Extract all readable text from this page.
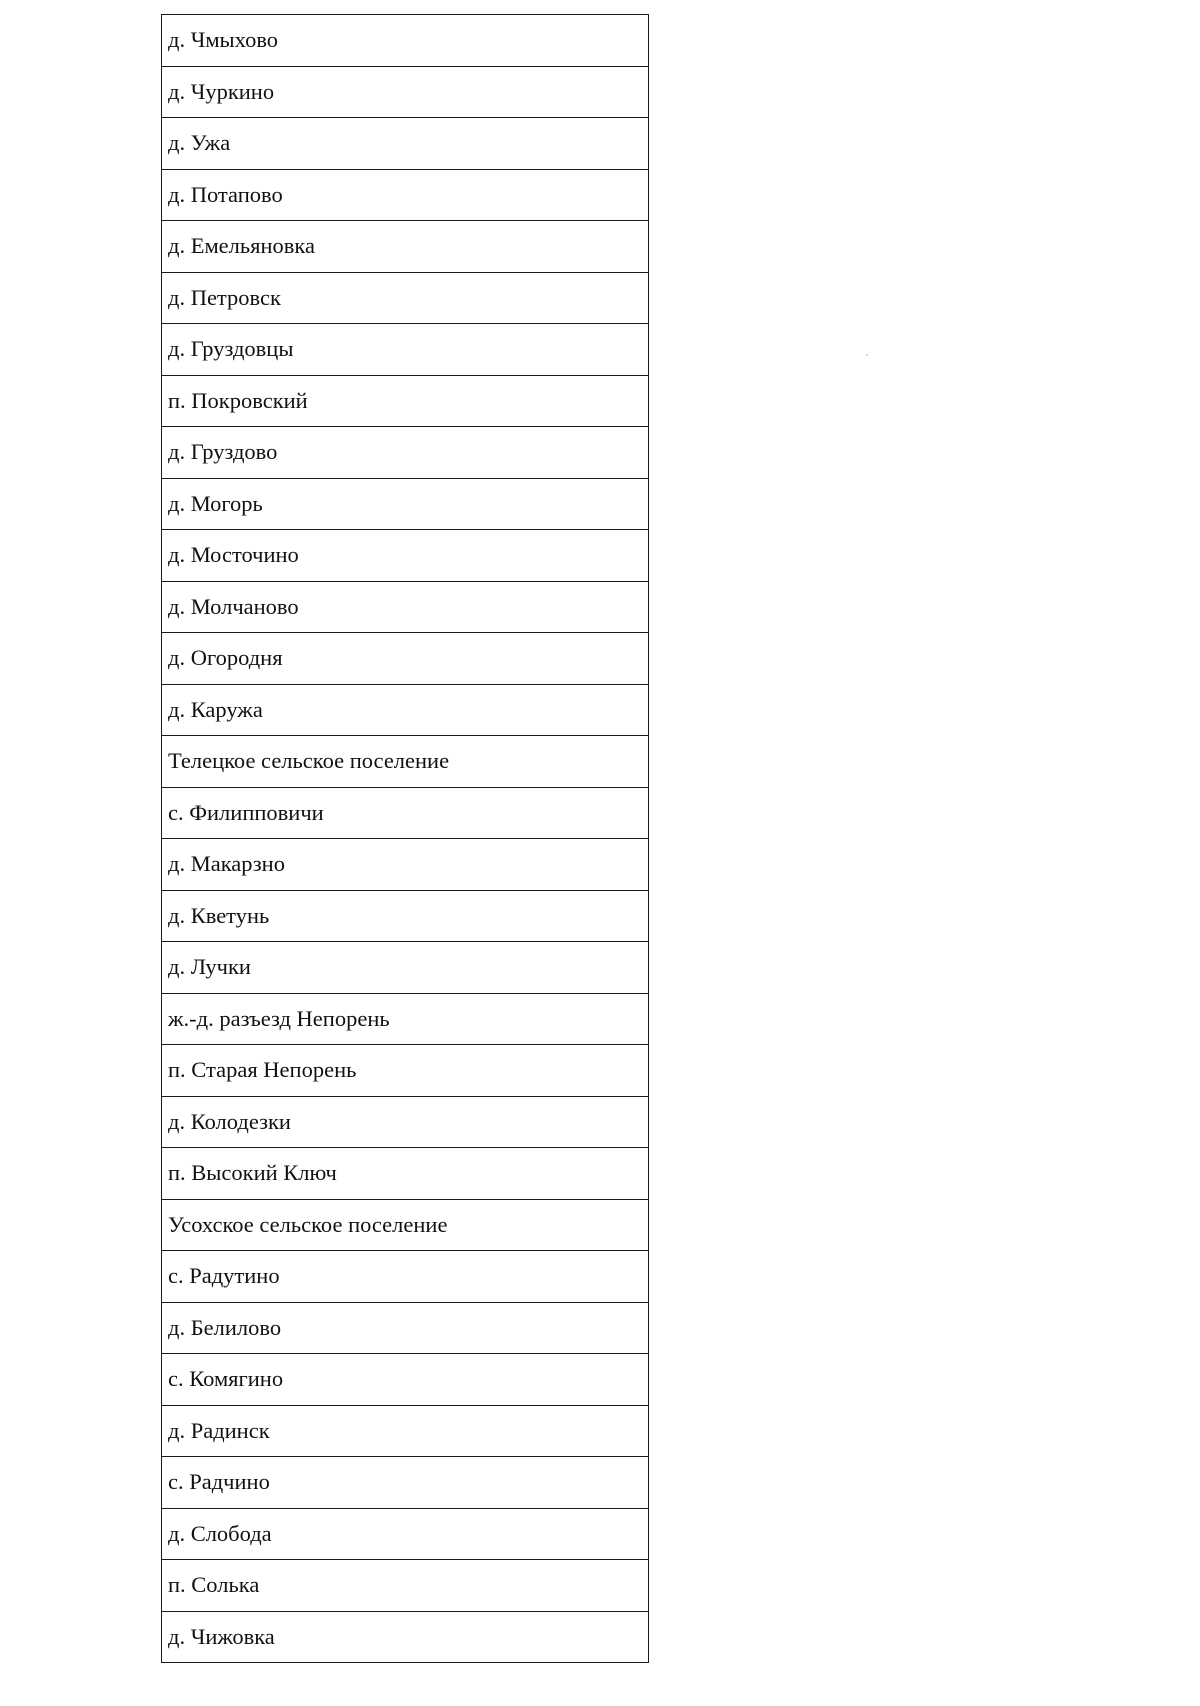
д. Чмыхово
д. Чуркино
д. Ужа
д. Потапово
д. Емельяновка
д. Петровск
д. Груздовцы
п. Покровский
д. Груздово
д. Могорь
д. Мосточино
д. Молчаново
д. Огородня
д. Каружа
Телецкое сельское поселение
с. Филипповичи
д. Макарзно
д. Кветунь
д. Лучки
ж.-д. разъезд Непорень
п. Старая Непорень
д. Колодезки
п. Высокий Ключ
Усохское сельское поселение
с. Радутино
д. Белилово
с. Комягино
д. Радинск
с. Радчино
д. Слобода
п. Солька
д. Чижовка
